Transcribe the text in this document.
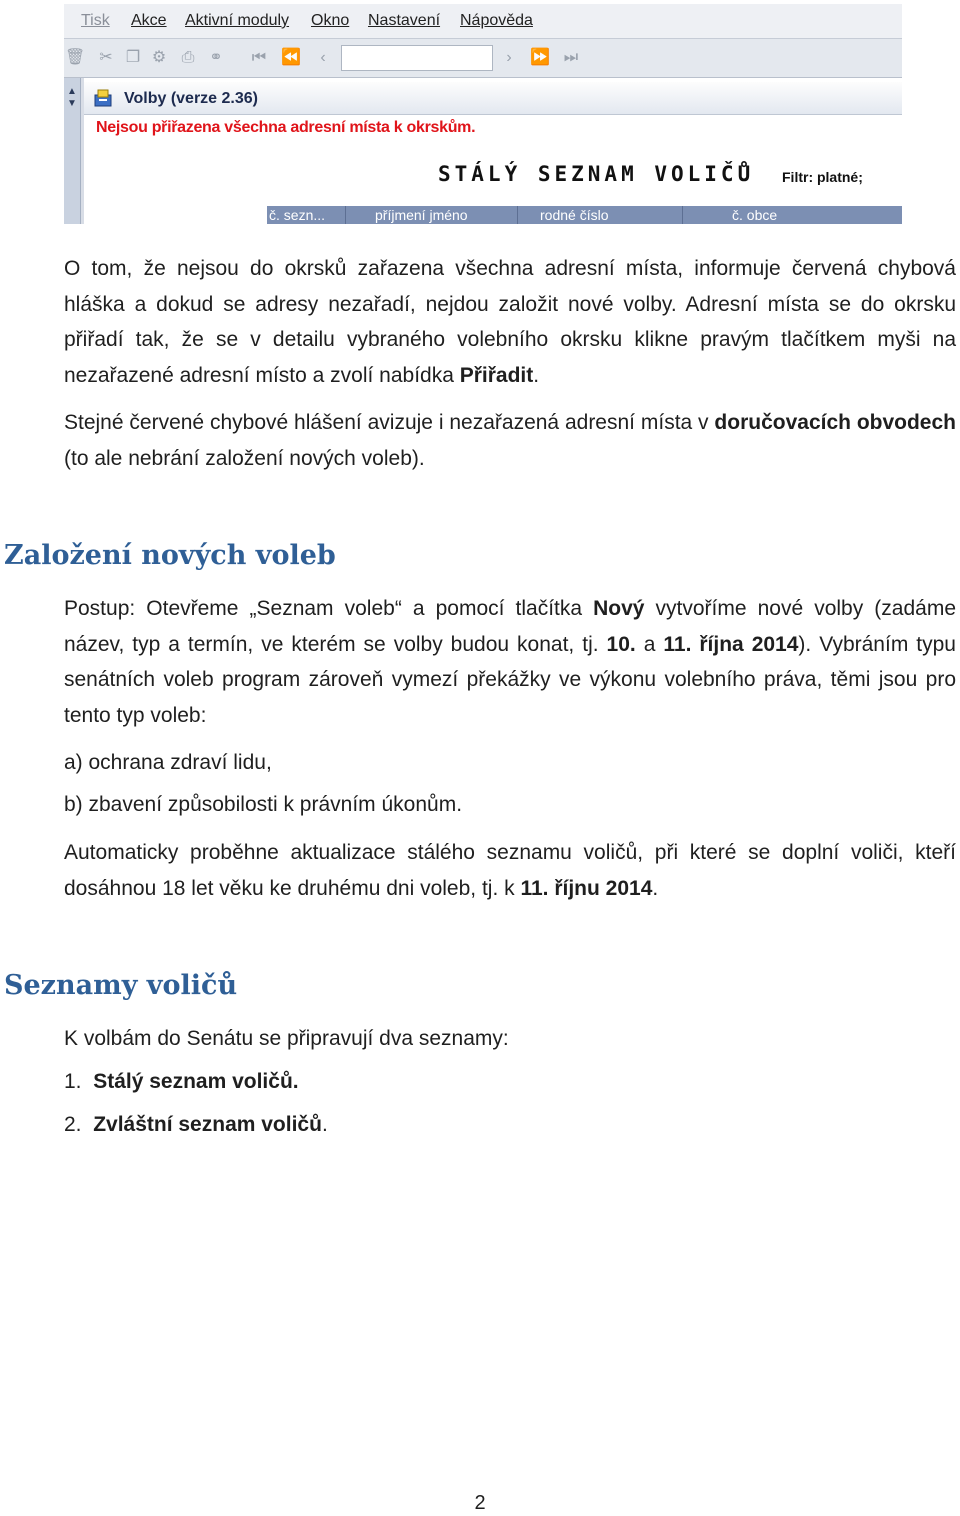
Tisk Akce Aktivní moduly Okno Nastavení Nápověda
🗑 ✂ ❐ ⚙ ⎙ ⚭ ⏮ ⏪	‹	›	⏩ ⏭
▲
▼	Volby (verze 2.36)
Nejsou přiřazena všechna adresní místa k okrskům.
STÁLÝ SEZNAM VOLIČŮ Filtr: platné;
č. sezn...	příjmení jméno	rodné číslo	č. obce

O tom, že nejsou do okrsků zařazena všechna adresní místa, informuje červená chybová hláška a dokud se adresy nezařadí, nejdou založit nové volby. Adresní místa se do okrsku přiřadí tak, že se v detailu vybraného volebního okrsku klikne pravým tlačítkem myši na nezařazené adresní místo a zvolí nabídka Přiřadit.

Stejné červené chybové hlášení avizuje i nezařazená adresní místa v doručovacích obvodech (to ale nebrání založení nových voleb).

Založení nových voleb

Postup: Otevřeme „Seznam voleb“ a pomocí tlačítka Nový vytvoříme nové volby (zadáme název, typ a termín, ve kterém se volby budou konat, tj. 10. a 11. října 2014). Vybráním typu senátních voleb program zároveň vymezí překážky ve výkonu volebního práva, těmi jsou pro tento typ voleb:

a) ochrana zdraví lidu,

b) zbavení způsobilosti k právním úkonům.

Automaticky proběhne aktualizace stálého seznamu voličů, při které se doplní voliči, kteří dosáhnou 18 let věku ke druhému dni voleb, tj. k 11. říjnu 2014.

Seznamy voličů

K volbám do Senátu se připravují dva seznamy:

1. Stálý seznam voličů.

2. Zvláštní seznam voličů.

2
